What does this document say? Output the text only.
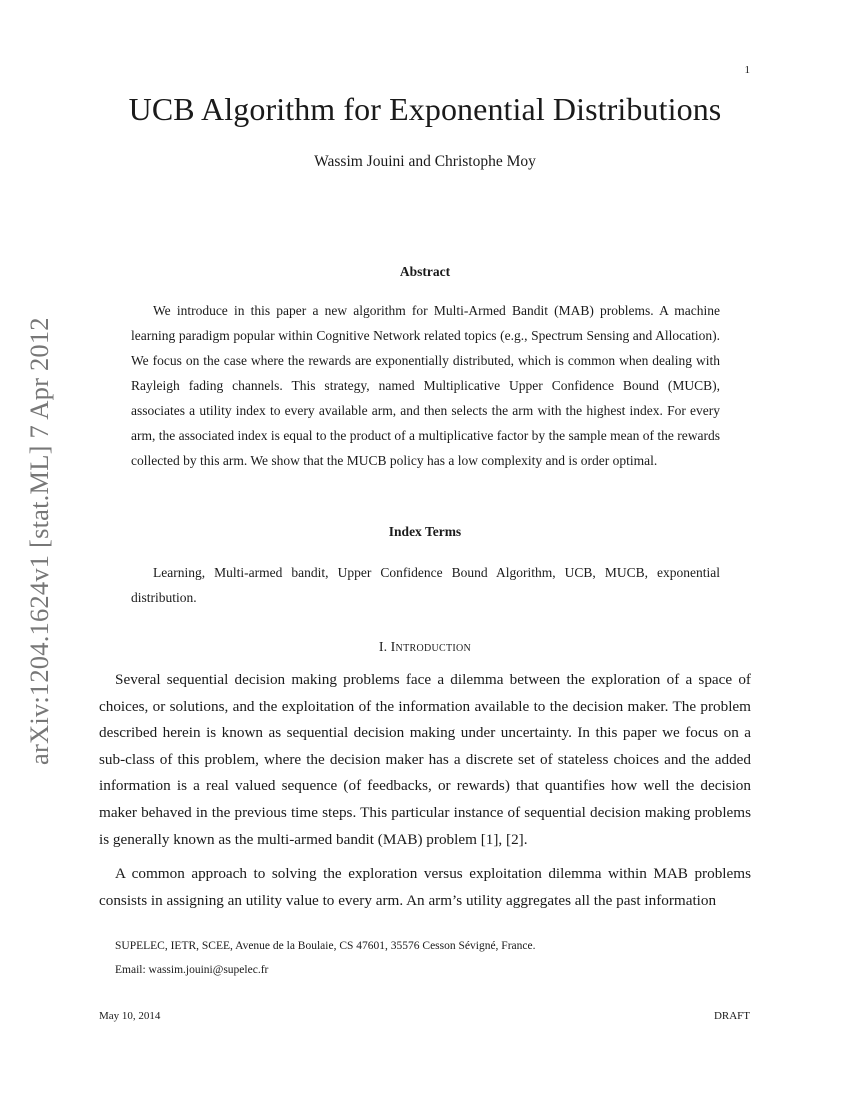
1
UCB Algorithm for Exponential Distributions
Wassim Jouini and Christophe Moy
arXiv:1204.1624v1 [stat.ML] 7 Apr 2012
Abstract

We introduce in this paper a new algorithm for Multi-Armed Bandit (MAB) problems. A machine learning paradigm popular within Cognitive Network related topics (e.g., Spectrum Sensing and Allocation). We focus on the case where the rewards are exponentially distributed, which is common when dealing with Rayleigh fading channels. This strategy, named Multiplicative Upper Confidence Bound (MUCB), associates a utility index to every available arm, and then selects the arm with the highest index. For every arm, the associated index is equal to the product of a multiplicative factor by the sample mean of the rewards collected by this arm. We show that the MUCB policy has a low complexity and is order optimal.

Index Terms

Learning, Multi-armed bandit, Upper Confidence Bound Algorithm, UCB, MUCB, exponential distribution.

I. Introduction

Several sequential decision making problems face a dilemma between the exploration of a space of choices, or solutions, and the exploitation of the information available to the decision maker. The problem described herein is known as sequential decision making under uncertainty. In this paper we focus on a sub-class of this problem, where the decision maker has a discrete set of stateless choices and the added information is a real valued sequence (of feedbacks, or rewards) that quantifies how well the decision maker behaved in the previous time steps. This particular instance of sequential decision making problems is generally known as the multi-armed bandit (MAB) problem [1], [2].

A common approach to solving the exploration versus exploitation dilemma within MAB problems consists in assigning an utility value to every arm. An arm’s utility aggregates all the past information

SUPELEC, IETR, SCEE, Avenue de la Boulaie, CS 47601, 35576 Cesson Sévigné, France.
Email: wassim.jouini@supelec.fr
May 10, 2014	DRAFT
